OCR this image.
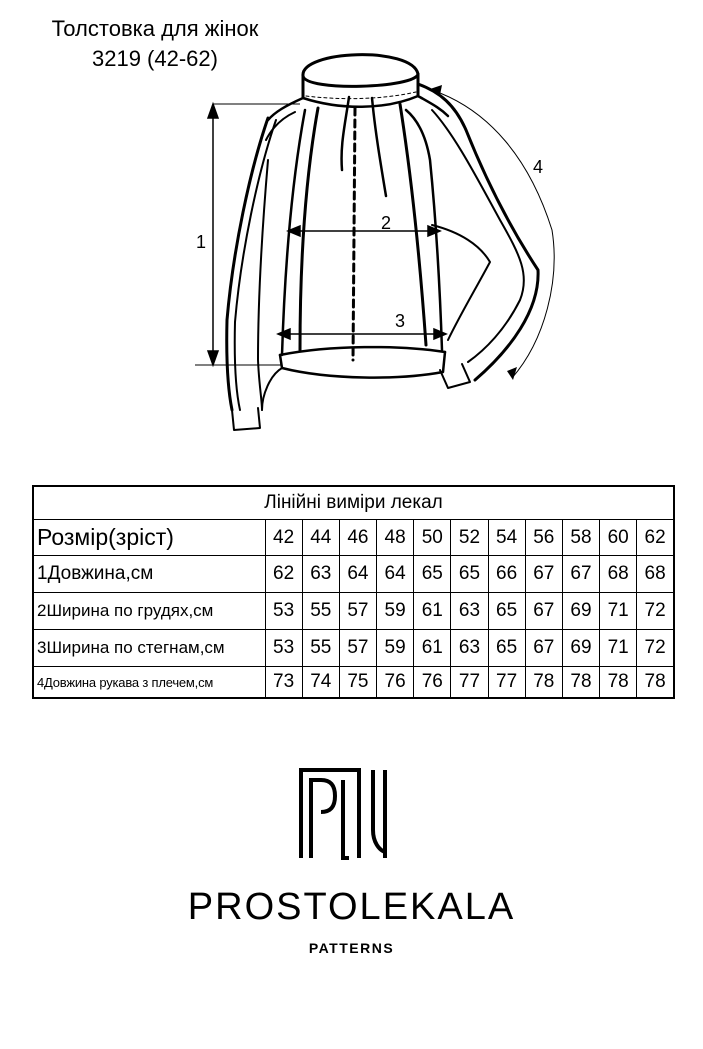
Толстовка для жінок
3219 (42-62)
1
2
3
4
Лінійні виміри лекал											
Розмір(зріст)	42	44	46	48	50	52	54	56	58	60	62
1Довжина,см	62	63	64	64	65	65	66	67	67	68	68
2Ширина по грудях,см	53	55	57	59	61	63	65	67	69	71	72
3Ширина по стегнам,см	53	55	57	59	61	63	65	67	69	71	72
4Довжина рукава з плечем,см	73	74	75	76	76	77	77	78	78	78	78
PROSTOLEKALA
PATTERNS
